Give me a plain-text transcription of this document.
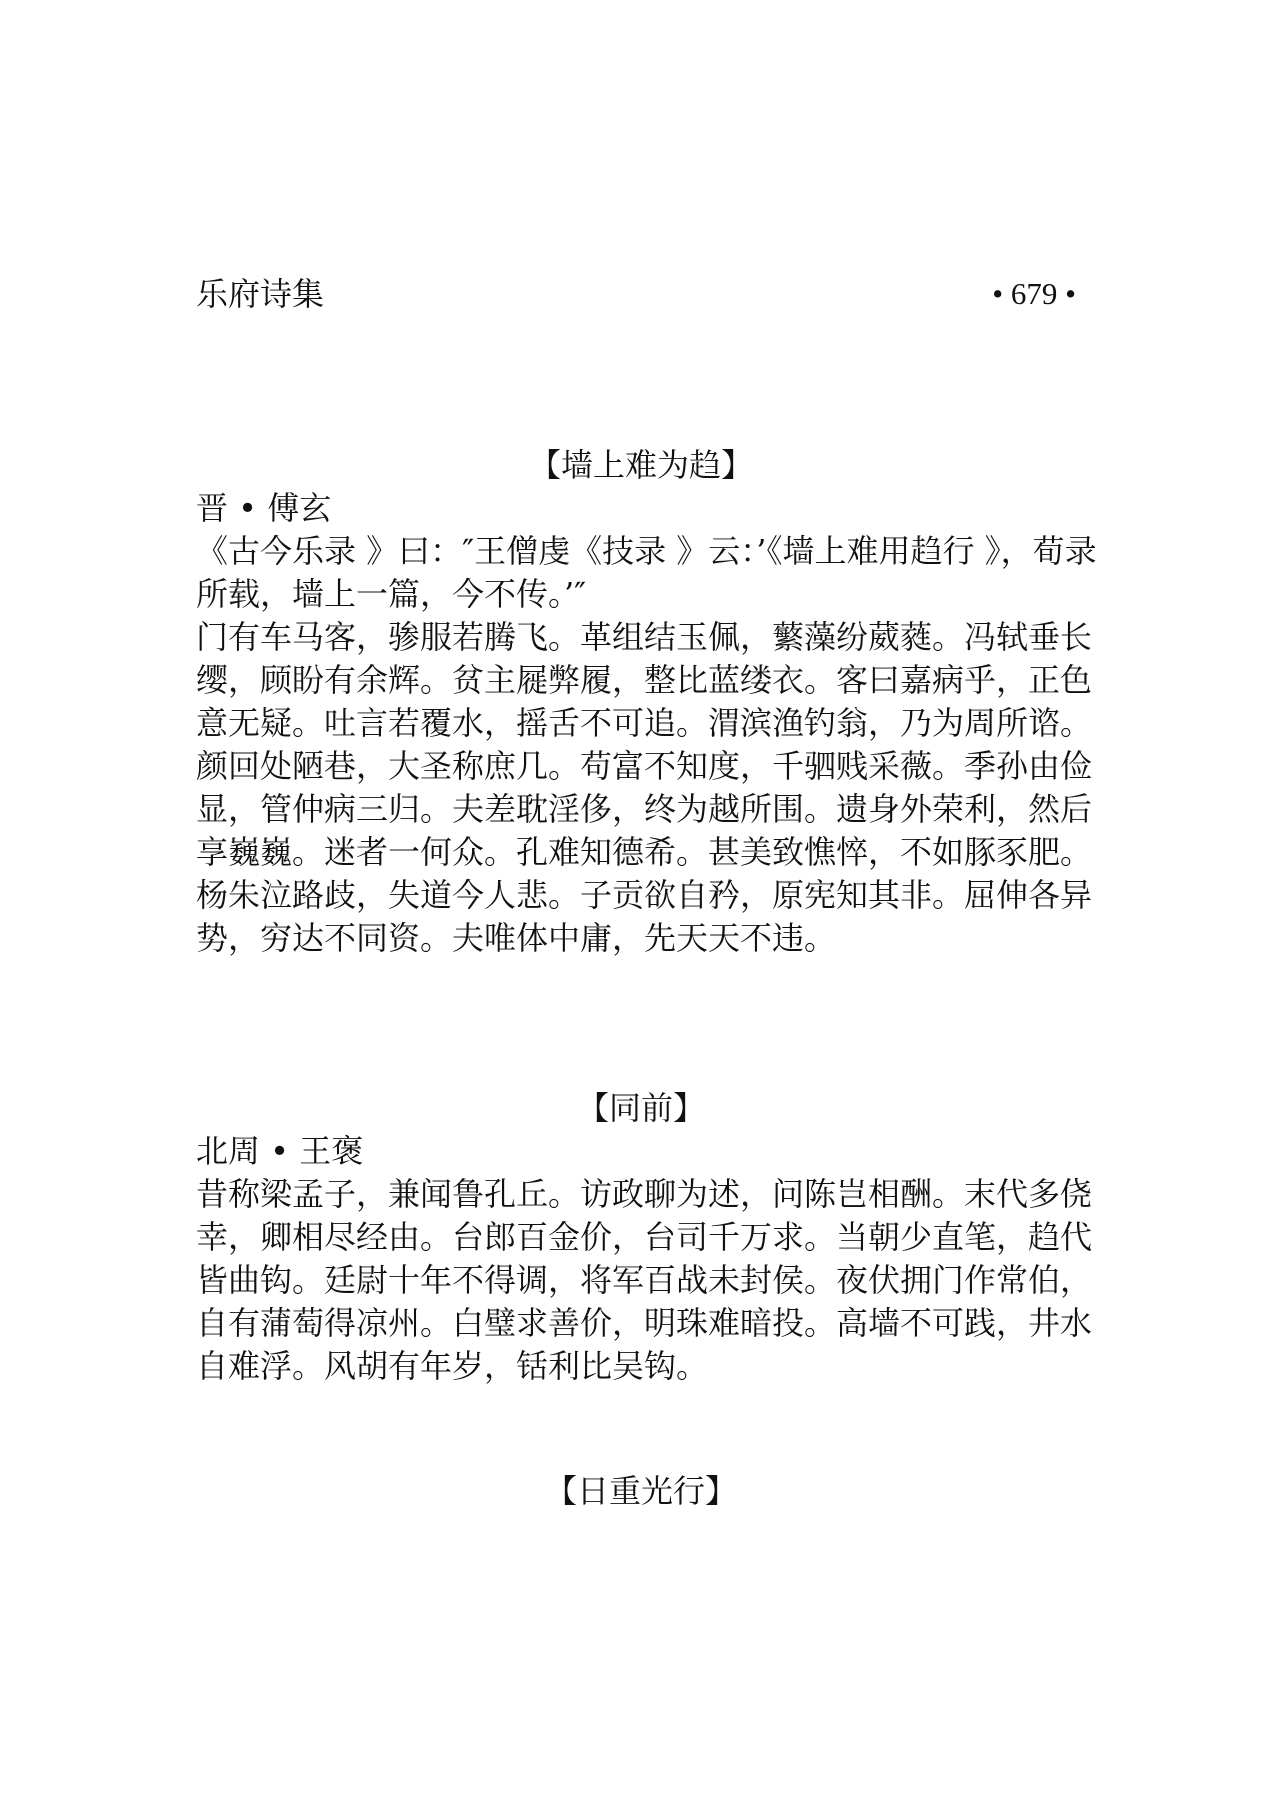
乐府诗集	• 679 •

【墙上难为趋】

晋 • 傅玄

《古今乐录 》曰：″王僧虔《技录 》云：’《墙上难用趋行 》，荀录所载，墙上一篇，今不传。’″

门有车马客，骖服若腾飞。革组结玉佩，蘩藻纷葳蕤。冯轼垂长缨，顾盼有余辉。贫主屣弊履，整比蓝缕衣。客曰嘉病乎，正色意无疑。吐言若覆水，摇舌不可追。渭滨渔钓翁，乃为周所谘。颜回处陋巷，大圣称庶几。苟富不知度，千驷贱采薇。季孙由俭显，管仲病三归。夫差耽淫侈，终为越所围。遗身外荣利，然后享巍巍。迷者一何众。孔难知德希。甚美致憔悴，不如豚豕肥。杨朱泣路歧，失道今人悲。子贡欲自矜，原宪知其非。屈伸各异势，穷达不同资。夫唯体中庸，先天天不违。

【同前】

北周 • 王褒

昔称梁孟子，兼闻鲁孔丘。访政聊为述，问陈岂相酬。末代多侥幸，卿相尽经由。台郎百金价，台司千万求。当朝少直笔，趋代皆曲钩。廷尉十年不得调，将军百战未封侯。夜伏拥门作常伯，自有蒲萄得凉州。白璧求善价，明珠难暗投。高墙不可践，井水自难浮。风胡有年岁，铦利比吴钩。

【日重光行】
